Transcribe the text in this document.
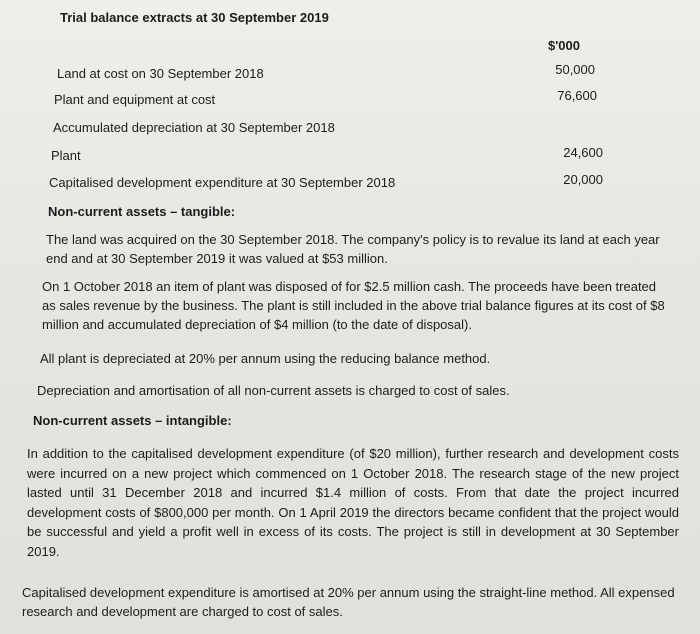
Trial balance extracts at 30 September 2019
$'000
Land at cost on 30 September 2018	50,000
Plant and equipment at cost	76,600
Accumulated depreciation at 30 September 2018
Plant	24,600
Capitalised development expenditure at 30 September 2018	20,000
Non-current assets – tangible:
The land was acquired on the 30 September 2018. The company's policy is to revalue its land at each year end and at 30 September 2019 it was valued at $53 million.
On 1 October 2018 an item of plant was disposed of for $2.5 million cash. The proceeds have been treated as sales revenue by the business. The plant is still included in the above trial balance figures at its cost of $8 million and accumulated depreciation of $4 million (to the date of disposal).
All plant is depreciated at 20% per annum using the reducing balance method.
Depreciation and amortisation of all non-current assets is charged to cost of sales.
Non-current assets – intangible:
In addition to the capitalised development expenditure (of $20 million), further research and development costs were incurred on a new project which commenced on 1 October 2018. The research stage of the new project lasted until 31 December 2018 and incurred $1.4 million of costs. From that date the project incurred development costs of $800,000 per month. On 1 April 2019 the directors became confident that the project would be successful and yield a profit well in excess of its costs. The project is still in development at 30 September 2019.
Capitalised development expenditure is amortised at 20% per annum using the straight-line method. All expensed research and development are charged to cost of sales.
